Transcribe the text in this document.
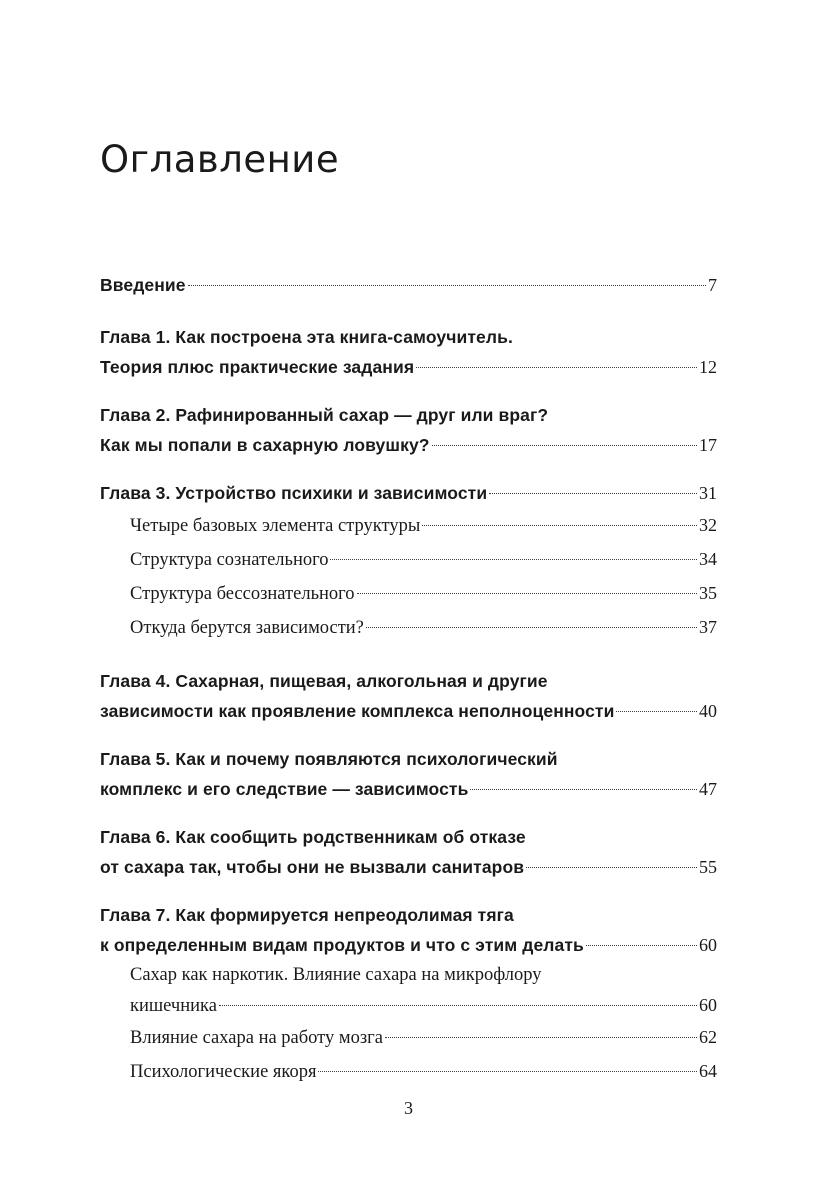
Оглавление
Введение	7
Глава 1. Как построена эта книга-самоучитель.
Теория плюс практические задания	12
Глава 2. Рафинированный сахар — друг или враг?
Как мы попали в сахарную ловушку?	17
Глава 3. Устройство психики и зависимости	31
Четыре базовых элемента структуры	32
Структура сознательного	34
Структура бессознательного	35
Откуда берутся зависимости?	37
Глава 4. Сахарная, пищевая, алкогольная и другие
зависимости как проявление комплекса неполноценности	40
Глава 5. Как и почему появляются психологический
комплекс и его следствие — зависимость	47
Глава 6. Как сообщить родственникам об отказе
от сахара так, чтобы они не вызвали санитаров	55
Глава 7. Как формируется непреодолимая тяга
к определенным видам продуктов и что с этим делать	60
Сахар как наркотик. Влияние сахара на микрофлору
кишечника	60
Влияние сахара на работу мозга	62
Психологические якоря	64
3
